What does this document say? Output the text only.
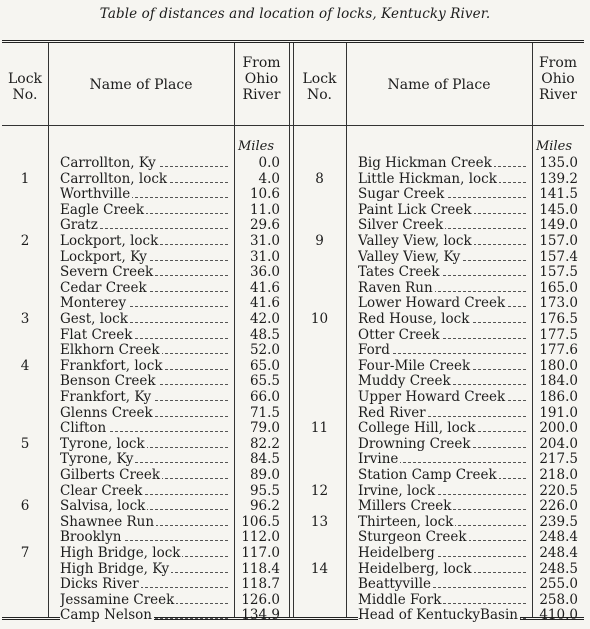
Table of distances and location of locks, Kentucky River.
Lock
No.
Name of Place
From
Ohio
River
Lock
No.
Name of Place
From
Ohio
River
Miles	Miles
Carrollton, Ky	0.0
1	Carrollton, lock	4.0
Worthville	10.6
Eagle Creek	11.0
Gratz	29.6
2	Lockport, lock	31.0
Lockport, Ky	31.0
Severn Creek	36.0
Cedar Creek	41.6
Monterey	41.6
3	Gest, lock	42.0
Flat Creek	48.5
Elkhorn Creek	52.0
4	Frankfort, lock	65.0
Benson Creek	65.5
Frankfort, Ky	66.0
Glenns Creek	71.5
Clifton	79.0
5	Tyrone, lock	82.2
Tyrone, Ky	84.5
Gilberts Creek	89.0
Clear Creek	95.5
6	Salvisa, lock	96.2
Shawnee Run	106.5
Brooklyn	112.0
7	High Bridge, lock	117.0
High Bridge, Ky	118.4
Dicks River	118.7
Jessamine Creek	126.0
Camp Nelson	134.9
Big Hickman Creek	135.0
8	Little Hickman, lock	139.2
Sugar Creek	141.5
Paint Lick Creek	145.0
Silver Creek	149.0
9	Valley View, lock	157.0
Valley View, Ky	157.4
Tates Creek	157.5
Raven Run	165.0
Lower Howard Creek	173.0
10	Red House, lock	176.5
Otter Creek	177.5
Ford	177.6
Four-Mile Creek	180.0
Muddy Creek	184.0
Upper Howard Creek	186.0
Red River	191.0
11	College Hill, lock	200.0
Drowning Creek	204.0
Irvine	217.5
Station Camp Creek	218.0
12	Irvine, lock	220.5
Millers Creek	226.0
13	Thirteen, lock	239.5
Sturgeon Creek	248.4
Heidelberg	248.4
14	Heidelberg, lock	248.5
Beattyville	255.0
Middle Fork	258.0
Head of KentuckyBasin	410.0
